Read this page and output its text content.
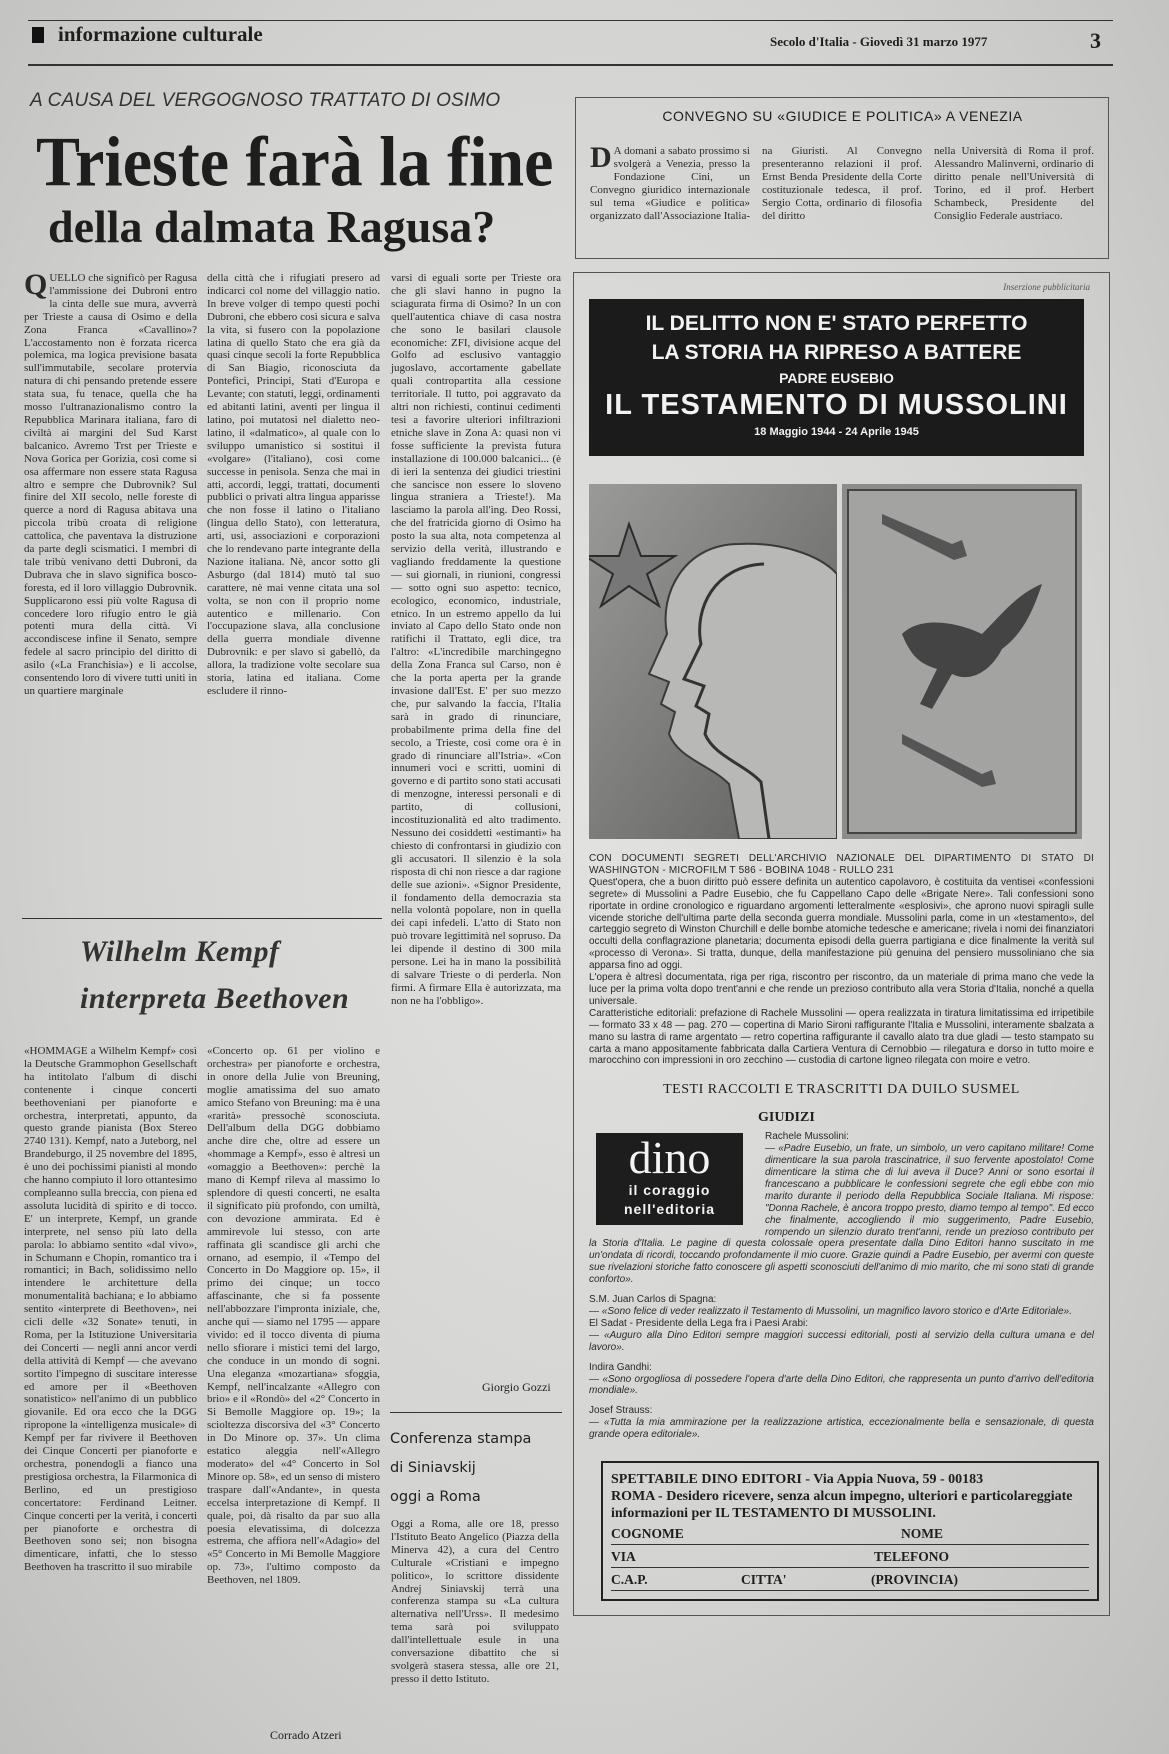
informazione culturale	Secolo d'Italia - Giovedì 31 marzo 1977	3
A CAUSA DEL VERGOGNOSO TRATTATO DI OSIMO
Trieste farà la fine
della dalmata Ragusa?
QUELLO che significò per Ragusa l'ammissione dei Dubroni entro la cinta delle sue mura, avverrà per Trieste a causa di Osimo e della Zona Franca «Cavallino»? L'accostamento non è forzata ricerca polemica, ma logica previsione basata sull'immutabile, secolare protervia natura di chi pensando pretende essere stata sua, fu tenace, quella che ha mosso l'ultranazionalismo contro la Repubblica Marinara italiana, faro di civiltà ai margini del Sud Karst balcanico. Avremo Trst per Trieste e Nova Gorica per Gorizia, così come si osa affermare non essere stata Ragusa altro e sempre che Dubrovnik? Sul finire del XII secolo, nelle foreste di querce a nord di Ragusa abitava una piccola tribù croata di religione cattolica, che paventava la distruzione da parte degli scismatici. I membri di tale tribù venivano detti Dubroni, da Dubrava che in slavo significa bosco-foresta, ed il loro villaggio Dubrovnik. Supplicarono essi più volte Ragusa di concedere loro rifugio entro le già potenti mura della città. Vi accondiscese infine il Senato, sempre fedele al sacro principio del diritto di asilo («La Franchisia») e li accolse, consentendo loro di vivere tutti uniti in un quartiere marginale
della città che i rifugiati presero ad indicarci col nome del villaggio natio. In breve volger di tempo questi pochi Dubroni, che ebbero così sicura e salva la vita, si fusero con la popolazione latina di quello Stato che era già da quasi cinque secoli la forte Repubblica di San Biagio, riconosciuta da Pontefici, Principi, Stati d'Europa e Levante; con statuti, leggi, ordinamenti ed abitanti latini, aventi per lingua il latino, poi mutatosi nel dialetto neo-latino, il «dalmatico», al quale con lo sviluppo umanistico si sostituì il «volgare» (l'italiano), così come successe in penisola. Senza che mai in atti, accordi, leggi, trattati, documenti pubblici o privati altra lingua apparisse che non fosse il latino o l'italiano (lingua dello Stato), con letteratura, arti, usi, associazioni e corporazioni che lo rendevano parte integrante della Nazione italiana. Nè, ancor sotto gli Asburgo (dal 1814) mutò tal suo carattere, nè mai venne citata una sol volta, se non con il proprio nome autentico e millenario. Con l'occupazione slava, alla conclusione della guerra mondiale divenne Dubrovnik: e per slavo si gabellò, da allora, la tradizione volte secolare sua storia, latina ed italiana. Come escludere il rinno-
varsi di eguali sorte per Trieste ora che gli slavi hanno in pugno la sciagurata firma di Osimo? In un con quell'autentica chiave di casa nostra che sono le basilari clausole economiche: ZFI, divisione acque del Golfo ad esclusivo vantaggio jugoslavo, accortamente gabellate quali contropartita alla cessione territoriale. Il tutto, poi aggravato da altri non richiesti, continui cedimenti tesi a favorire ulteriori infiltrazioni etniche slave in Zona A: quasi non vi fosse sufficiente la prevista futura installazione di 100.000 balcanici... (è di ieri la sentenza dei giudici triestini che sancisce non essere lo sloveno lingua straniera a Trieste!). Ma lasciamo la parola all'ing. Deo Rossi, che del fratricida giorno di Osimo ha posto la sua alta, nota competenza al servizio della verità, illustrando e vagliando freddamente la questione — sui giornali, in riunioni, congressi — sotto ogni suo aspetto: tecnico, ecologico, economico, industriale, etnico. In un estremo appello da lui inviato al Capo dello Stato onde non ratifichi il Trattato, egli dice, tra l'altro: «L'incredibile marchingegno della Zona Franca sul Carso, non è che la porta aperta per la grande invasione dall'Est. E' per suo mezzo che, pur salvando la faccia, l'Italia sarà in grado di rinunciare, probabilmente prima della fine del secolo, a Trieste, così come ora è in grado di rinunciare all'Istria». «Con innumeri voci e scritti, uomini di governo e di partito sono stati accusati di menzogne, interessi personali e di partito, di collusioni, incostituzionalità ed alto tradimento. Nessuno dei cosiddetti «estimanti» ha chiesto di confrontarsi in giudizio con gli accusatori. Il silenzio è la sola risposta di chi non riesce a dar ragione delle sue azioni». «Signor Presidente, il fondamento della democrazia sta nella volontà popolare, non in quella dei capi infedeli. L'atto di Stato non può trovare legittimità nel sopruso. Da lei dipende il destino di 300 mila persone. Lei ha in mano la possibilità di salvare Trieste o di perderla. Non firmi. A firmare Ella è autorizzata, ma non ne ha l'obbligo».
Giorgio Gozzi
Wilhelm Kempf
interpreta Beethoven
«HOMMAGE a Wilhelm Kempf» così la Deutsche Grammophon Gesellschaft ha intitolato l'album di dischi contenente i cinque concerti beethoveniani per pianoforte e orchestra, interpretati, appunto, da questo grande pianista (Box Stereo 2740 131). Kempf, nato a Juteborg, nel Brandeburgo, il 25 novembre del 1895, è uno dei pochissimi pianisti al mondo che hanno compiuto il loro ottantesimo compleanno sulla breccia, con piena ed assoluta lucidità di spirito e di tocco. E' un interprete, Kempf, un grande interprete, nel senso più lato della parola: lo abbiamo sentito «dal vivo», in Schumann e Chopin, romantico tra i romantici; in Bach, solidissimo nello intendere le architetture della monumentalità bachiana; e lo abbiamo sentito «interprete di Beethoven», nei cicli delle «32 Sonate» tenuti, in Roma, per la Istituzione Universitaria dei Concerti — negli anni ancor verdi della attività di Kempf — che avevano sortito l'impegno di suscitare interesse ed amore per il «Beethoven sonatistico» nell'animo di un pubblico giovanile. Ed ora ecco che la DGG ripropone la «intelligenza musicale» di Kempf per far rivivere il Beethoven dei Cinque Concerti per pianoforte e orchestra, ponendogli a fianco una prestigiosa orchestra, la Filarmonica di Berlino, ed un prestigioso concertatore: Ferdinand Leitner. Cinque concerti per la verità, i concerti per pianoforte e orchestra di Beethoven sono sei; non bisogna dimenticare, infatti, che lo stesso Beethoven ha trascritto il suo mirabile
«Concerto op. 61 per violino e orchestra» per pianoforte e orchestra, in onore della Julie von Breuning, moglie amatissima del suo amato amico Stefano von Breuning: ma è una «rarità» pressochè sconosciuta. Dell'album della DGG dobbiamo anche dire che, oltre ad essere un «hommage a Kempf», esso è altresì un «omaggio a Beethoven»: perchè la mano di Kempf rileva al massimo lo splendore di questi concerti, ne esalta il significato più profondo, con umiltà, con devozione ammirata. Ed è ammirevole lui stesso, con arte raffinata gli scandisce gli archi che ornano, ad esempio, il «Tempo del Concerto in Do Maggiore op. 15», il primo dei cinque; un tocco affascinante, che si fa possente nell'abbozzare l'impronta iniziale, che, anche qui — siamo nel 1795 — appare vivido: ed il tocco diventa di piuma nello sfiorare i mistici temi del largo, che conduce in un mondo di sogni. Una eleganza «mozartiana» sfoggia, Kempf, nell'incalzante «Allegro con brio» e il «Rondò» del «2° Concerto in Si Bemolle Maggiore op. 19»; la scioltezza discorsiva del «3° Concerto in Do Minore op. 37». Un clima estatico aleggia nell'«Allegro moderato» del «4° Concerto in Sol Minore op. 58», ed un senso di mistero traspare dall'«Andante», in questa eccelsa interpretazione di Kempf. Il quale, poi, dà risalto da par suo alla poesia elevatissima, di dolcezza estrema, che affiora nell'«Adagio» del «5° Concerto in Mi Bemolle Maggiore op. 73», l'ultimo composto da Beethoven, nel 1809.
Corrado Atzeri
Conferenza stampa
di Siniavskij
oggi a Roma
Oggi a Roma, alle ore 18, presso l'Istituto Beato Angelico (Piazza della Minerva 42), a cura del Centro Culturale «Cristiani e impegno politico», lo scrittore dissidente Andrej Siniavskij terrà una conferenza stampa su «La cultura alternativa nell'Urss». Il medesimo tema sarà poi sviluppato dall'intellettuale esule in una conversazione dibattito che si svolgerà stasera stessa, alle ore 21, presso il detto Istituto.
CONVEGNO SU «GIUDICE E POLITICA» A VENEZIA
D A domani a sabato prossimo si svolgerà a Venezia, presso la Fondazione Cini, un Convegno giuridico internazionale sul tema «Giudice e politica» organizzato dall'Associazione Italia-
na Giuristi. Al Convegno presenteranno relazioni il prof. Ernst Benda Presidente della Corte costituzionale tedesca, il prof. Sergio Cotta, ordinario di filosofia del diritto
nella Università di Roma il prof. Alessandro Malinverni, ordinario di diritto penale nell'Università di Torino, ed il prof. Herbert Schambeck, Presidente del Consiglio Federale austriaco.
Inserzione pubblicitaria
IL DELITTO NON E' STATO PERFETTO
LA STORIA HA RIPRESO A BATTERE
PADRE EUSEBIO
IL TESTAMENTO DI MUSSOLINI
18 Maggio 1944 - 24 Aprile 1945
CON DOCUMENTI SEGRETI DELL'ARCHIVIO NAZIONALE DEL DIPARTIMENTO DI STATO DI WASHINGTON - MICROFILM T 586 - BOBINA 1048 - RULLO 231

Quest'opera, che a buon diritto può essere definita un autentico capolavoro, è costituita da ventisei «confessioni segrete» di Mussolini a Padre Eusebio, che fu Cappellano Capo delle «Brigate Nere». Tali confessioni sono riportate in ordine cronologico e riguardano argomenti letteralmente «esplosivi», che aprono nuovi spiragli sulle vicende storiche dell'ultima parte della seconda guerra mondiale. Mussolini parla, come in un «testamento», del carteggio segreto di Winston Churchill e delle bombe atomiche tedesche e americane; rivela i nomi dei finanziatori occulti della conflagrazione planetaria; documenta episodi della guerra partigiana e dice finalmente la verità sul «processo di Verona». Si tratta, dunque, della manifestazione più genuina del pensiero mussoliniano che sia apparsa fino ad oggi.

L'opera è altresì documentata, riga per riga, riscontro per riscontro, da un materiale di prima mano che vede la luce per la prima volta dopo trent'anni e che rende un prezioso contributo alla vera Storia d'Italia, nonché a quella universale.

Caratteristiche editoriali: prefazione di Rachele Mussolini — opera realizzata in tiratura limitatissima ed irripetibile — formato 33 x 48 — pag. 270 — copertina di Mario Sironi raffigurante l'Italia e Mussolini, interamente sbalzata a mano su lastra di rame argentato — retro copertina raffigurante il cavallo alato tra due gladi — testo stampato su carta a mano appositamente fabbricata dalla Cartiera Ventura di Cernobbio — rilegatura e dorso in tutto moire e marocchino con impressioni in oro zecchino — custodia di cartone ligneo rilegata con moire e vetro.

TESTI RACCOLTI E TRASCRITTI DA DUILO SUSMEL
GIUDIZI
dino
il coraggio
nell'editoria
Rachele Mussolini:
— «Padre Eusebio, un frate, un simbolo, un vero capitano militare! Come dimenticare la sua parola trascinatrice, il suo fervente apostolato! Come dimenticare la stima che di lui aveva il Duce? Anni or sono esortai il francescano a pubblicare le confessioni segrete che egli ebbe con mio marito durante il periodo della Repubblica Sociale Italiana. Mi rispose: "Donna Rachele, è ancora troppo presto, diamo tempo al tempo". Ed ecco che finalmente, accogliendo il mio suggerimento, Padre Eusebio, rompendo un silenzio durato trent'anni, rende un prezioso contributo per la Storia d'Italia. Le pagine di questa colossale opera presentate dalla Dino Editori hanno suscitato in me un'ondata di ricordi, toccando profondamente il mio cuore. Grazie quindi a Padre Eusebio, per avermi con queste sue rivelazioni storiche fatto conoscere gli aspetti sconosciuti dell'animo di mio marito, che mi sono stati di grande conforto».
S.M. Juan Carlos di Spagna:
— «Sono felice di veder realizzato il Testamento di Mussolini, un magnifico lavoro storico e d'Arte Editoriale».
El Sadat - Presidente della Lega fra i Paesi Arabi:
— «Auguro alla Dino Editori sempre maggiori successi editoriali, posti al servizio della cultura umana e del lavoro».
Indira Gandhi:
— «Sono orgogliosa di possedere l'opera d'arte della Dino Editori, che rappresenta un punto d'arrivo dell'editoria mondiale».
Josef Strauss:
— «Tutta la mia ammirazione per la realizzazione artistica, eccezionalmente bella e sensazionale, di questa grande opera editoriale».
SPETTABILE DINO EDITORI - Via Appia Nuova, 59 - 00183
ROMA - Desidero ricevere, senza alcun impegno, ulteriori e particolareggiate informazioni per IL TESTAMENTO DI MUSSOLINI.
COGNOME	NOME
VIA	TELEFONO
C.A.P.	CITTA'	(PROVINCIA)
